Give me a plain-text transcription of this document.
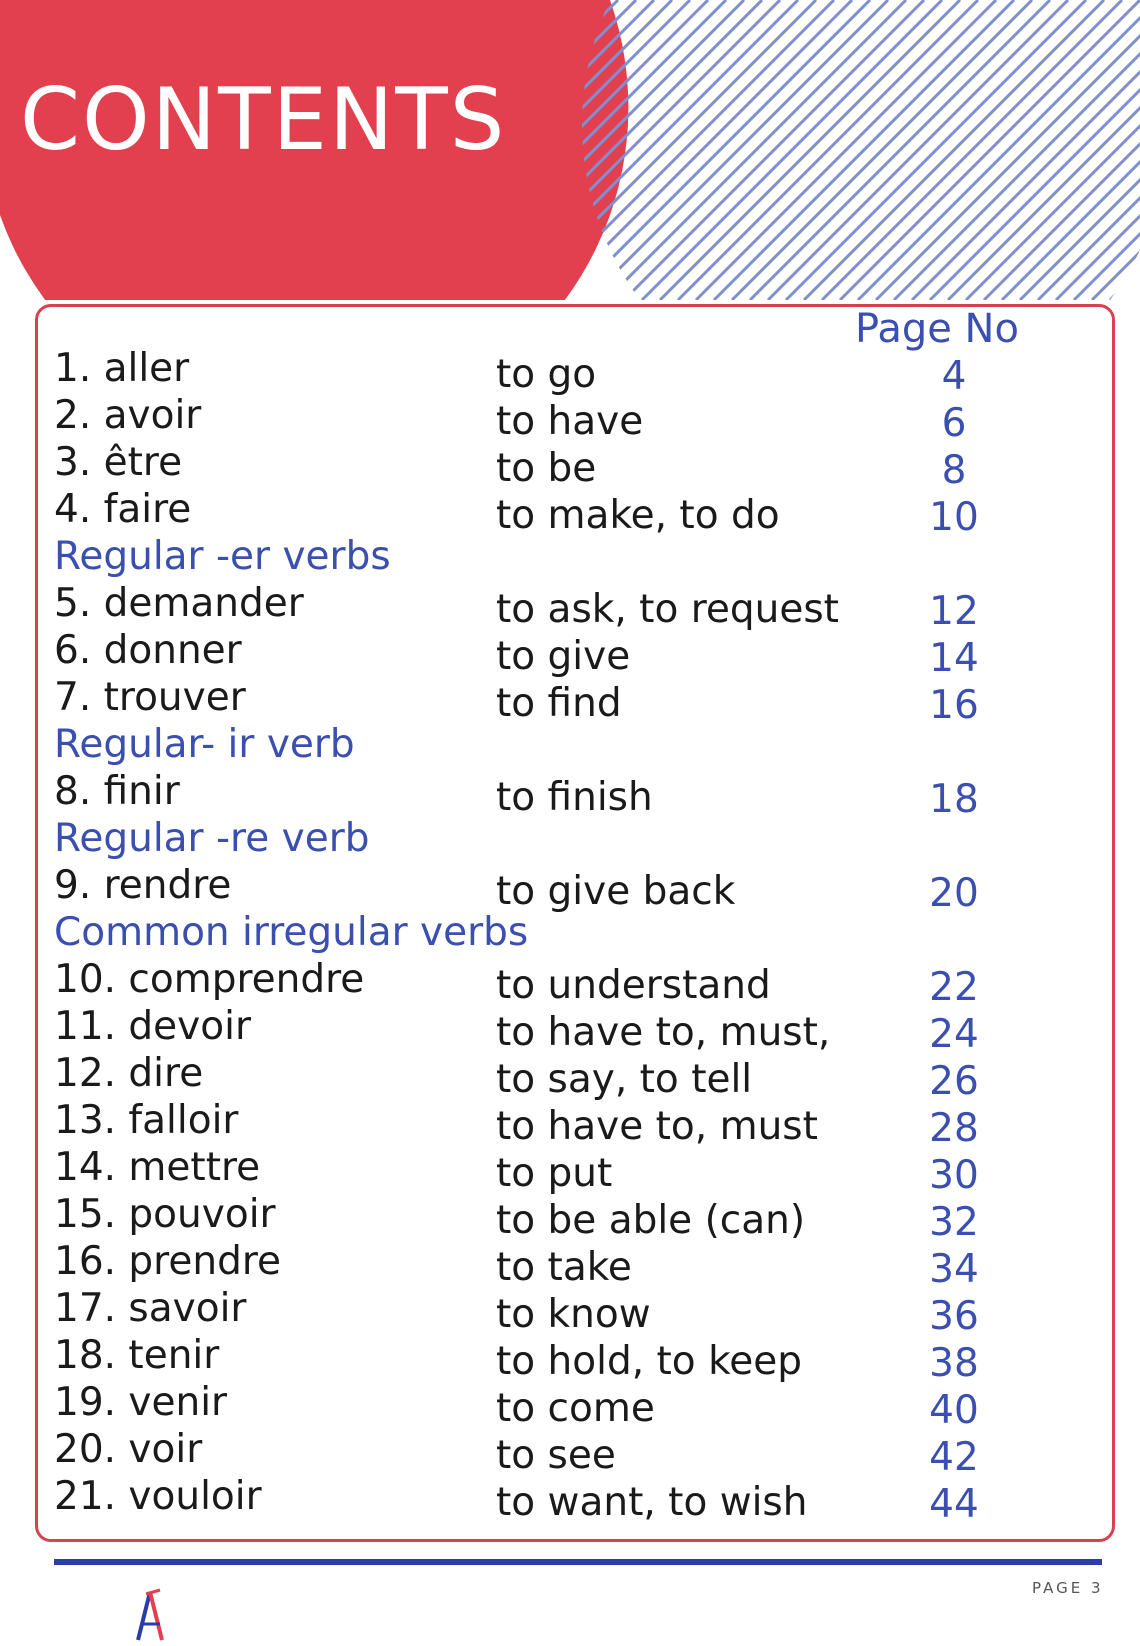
CONTENTS
Page No
1. aller	to go	4
2. avoir	to have	6
3. être	to be	8
4. faire	to make, to do	10
Regular -er verbs
5. demander	to ask, to request	12
6. donner	to give	14
7. trouver	to find	16
Regular- ir verb
8. finir	to finish	18
Regular -re verb
9. rendre	to give back	20
Common irregular verbs
10. comprendre	to understand	22
11. devoir	to have to, must,	24
12. dire	to say, to tell	26
13. falloir	to have to, must	28
14. mettre	to put	30
15. pouvoir	to be able (can)	32
16. prendre	to take	34
17. savoir	to know	36
18. tenir	to hold, to keep	38
19. venir	to come	40
20. voir	to see	42
21. vouloir	to want, to wish	44
PAGE 3
